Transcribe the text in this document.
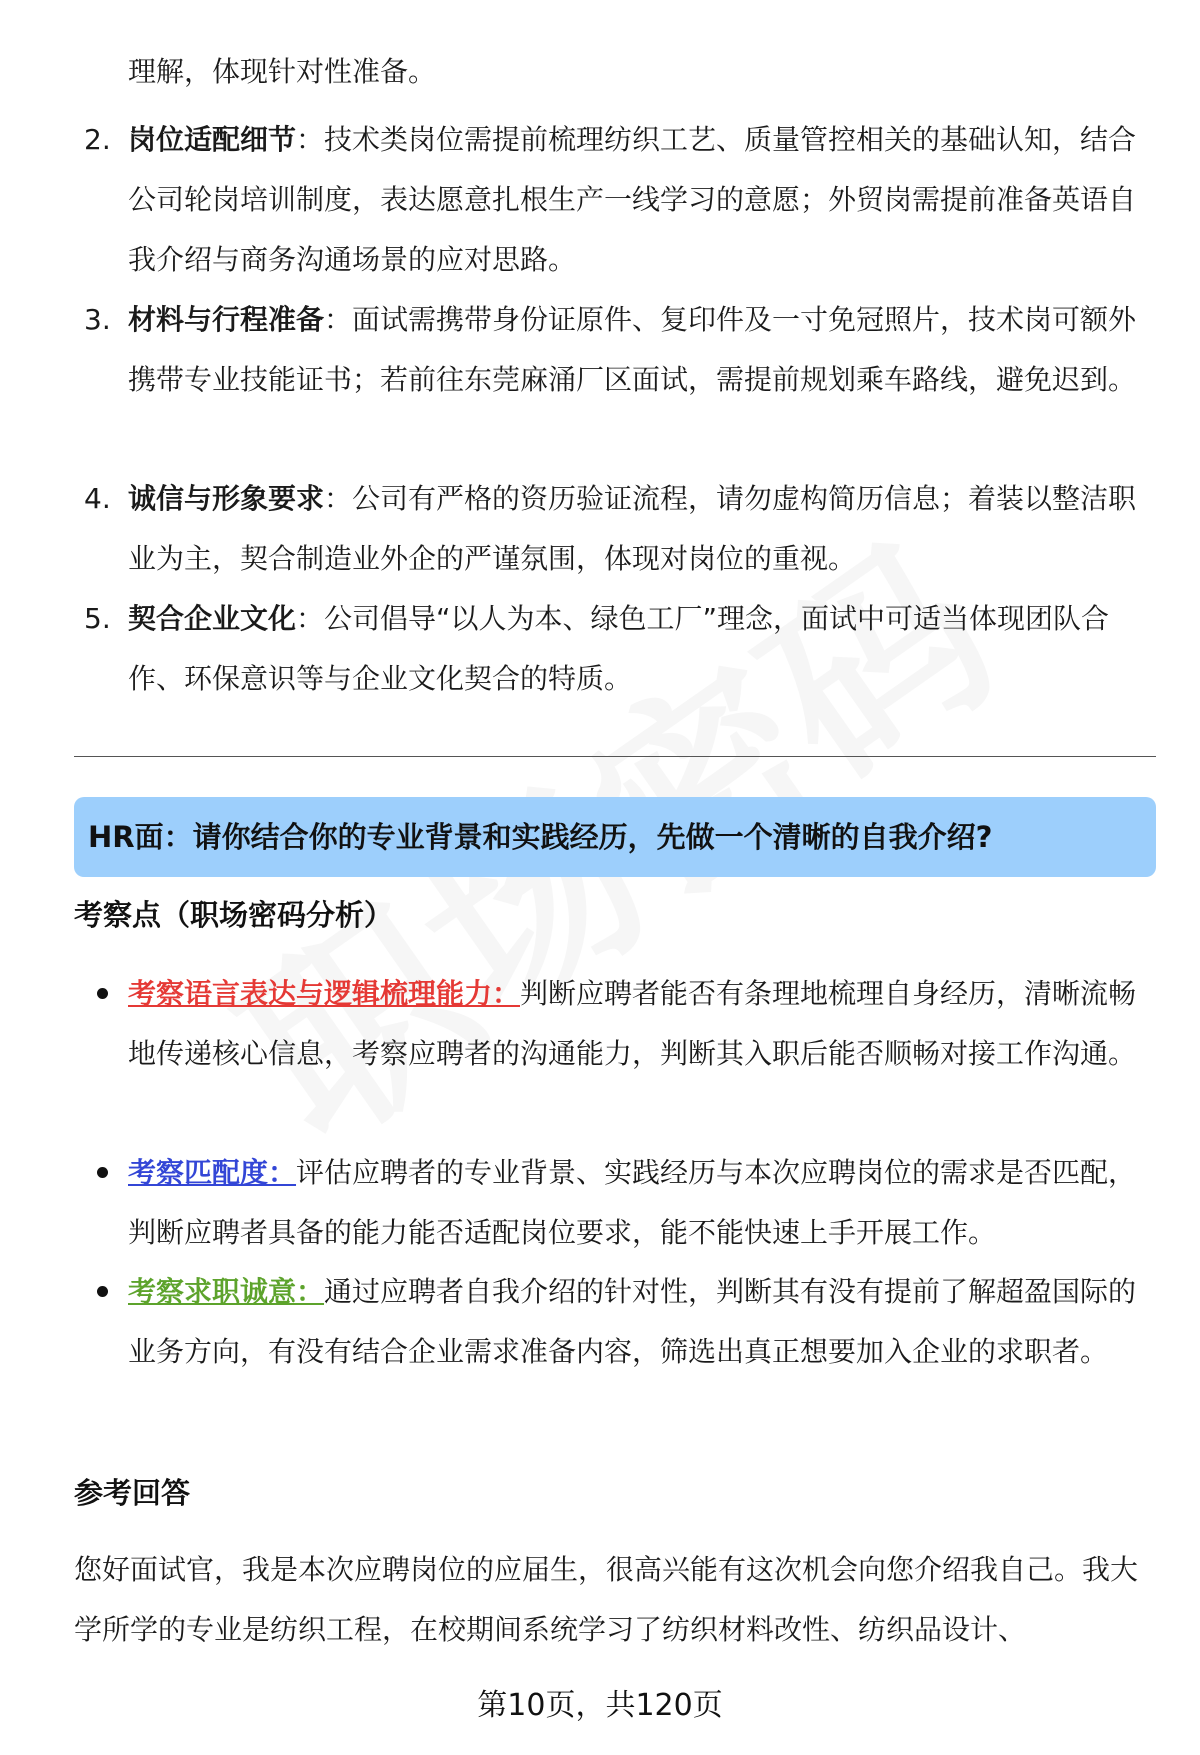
理解，体现针对性准备。
2. 岗位适配细节：技术类岗位需提前梳理纺织工艺、质量管控相关的基础认知，结合公司轮岗培训制度，表达愿意扎根生产一线学习的意愿；外贸岗需提前准备英语自我介绍与商务沟通场景的应对思路。
3. 材料与行程准备：面试需携带身份证原件、复印件及一寸免冠照片，技术岗可额外携带专业技能证书；若前往东莞麻涌厂区面试，需提前规划乘车路线，避免迟到。
4. 诚信与形象要求：公司有严格的资历验证流程，请勿虚构简历信息；着装以整洁职业为主，契合制造业外企的严谨氛围，体现对岗位的重视。
5. 契合企业文化：公司倡导“以人为本、绿色工厂”理念，面试中可适当体现团队合作、环保意识等与企业文化契合的特质。
HR面：请你结合你的专业背景和实践经历，先做一个清晰的自我介绍?
考察点（职场密码分析）
考察语言表达与逻辑梳理能力：判断应聘者能否有条理地梳理自身经历，清晰流畅地传递核心信息，考察应聘者的沟通能力，判断其入职后能否顺畅对接工作沟通。
考察匹配度：评估应聘者的专业背景、实践经历与本次应聘岗位的需求是否匹配，判断应聘者具备的能力能否适配岗位要求，能不能快速上手开展工作。
考察求职诚意：通过应聘者自我介绍的针对性，判断其有没有提前了解超盈国际的业务方向，有没有结合企业需求准备内容，筛选出真正想要加入企业的求职者。
参考回答
您好面试官，我是本次应聘岗位的应届生，很高兴能有这次机会向您介绍我自己。我大学所学的专业是纺织工程，在校期间系统学习了纺织材料改性、纺织品设计、
第10页，共120页
